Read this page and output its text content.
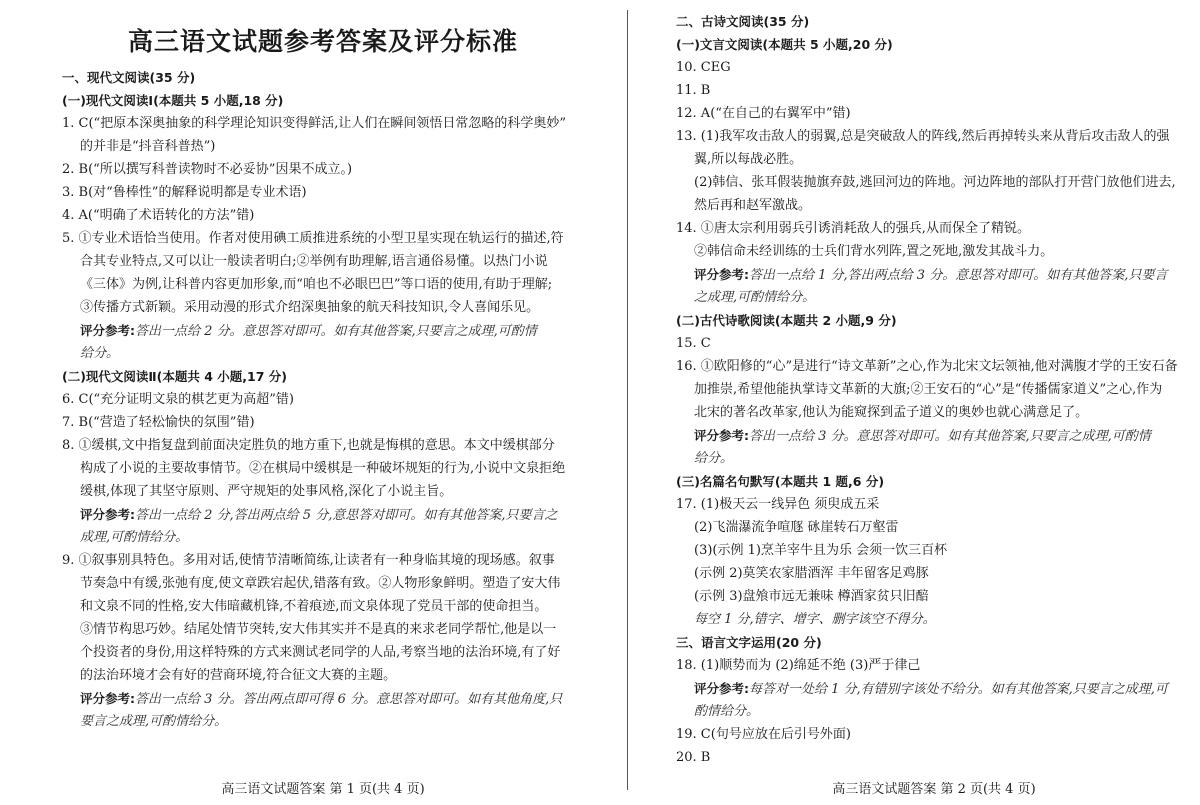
高三语文试题参考答案及评分标准
一、现代文阅读(35 分)
(一)现代文阅读Ⅰ(本题共 5 小题,18 分)
1. C(“把原本深奥抽象的科学理论知识变得鲜活,让人们在瞬间领悟日常忽略的科学奥妙”
的并非是“抖音科普热”)
2. B(“所以撰写科普读物时不必妥协”因果不成立。)
3. B(对“鲁棒性”的解释说明都是专业术语)
4. A(“明确了术语转化的方法”错)
5. ①专业术语恰当使用。作者对使用碘工质推进系统的小型卫星实现在轨运行的描述,符
合其专业特点,又可以让一般读者明白;②举例有助理解,语言通俗易懂。以热门小说
《三体》为例,让科普内容更加形象,而“咱也不必眼巴巴”等口语的使用,有助于理解;
③传播方式新颖。采用动漫的形式介绍深奥抽象的航天科技知识,令人喜闻乐见。
评分参考:答出一点给 2 分。意思答对即可。如有其他答案,只要言之成理,可酌情
给分。
(二)现代文阅读Ⅱ(本题共 4 小题,17 分)
6. C(“充分证明文泉的棋艺更为高超”错)
7. B(“营造了轻松愉快的氛围”错)
8. ①缓棋,文中指复盘到前面决定胜负的地方重下,也就是悔棋的意思。本文中缓棋部分
构成了小说的主要故事情节。②在棋局中缓棋是一种破坏规矩的行为,小说中文泉拒绝
缓棋,体现了其坚守原则、严守规矩的处事风格,深化了小说主旨。
评分参考:答出一点给 2 分,答出两点给 5 分,意思答对即可。如有其他答案,只要言之
成理,可酌情给分。
9. ①叙事别具特色。多用对话,使情节清晰简练,让读者有一种身临其境的现场感。叙事
节奏急中有缓,张弛有度,使文章跌宕起伏,错落有致。②人物形象鲜明。塑造了安大伟
和文泉不同的性格,安大伟暗藏机锋,不着痕迹,而文泉体现了党员干部的使命担当。
③情节构思巧妙。结尾处情节突转,安大伟其实并不是真的来求老同学帮忙,他是以一
个投资者的身份,用这样特殊的方式来测试老同学的人品,考察当地的法治环境,有了好
的法治环境才会有好的营商环境,符合征文大赛的主题。
评分参考:答出一点给 3 分。答出两点即可得 6 分。意思答对即可。如有其他角度,只
要言之成理,可酌情给分。
高三语文试题答案 第 1 页(共 4 页)
二、古诗文阅读(35 分)
(一)文言文阅读(本题共 5 小题,20 分)
10. CEG
11. B
12. A(“在自己的右翼军中”错)
13. (1)我军攻击敌人的弱翼,总是突破敌人的阵线,然后再掉转头来从背后攻击敌人的强
翼,所以每战必胜。
(2)韩信、张耳假装抛旗弃鼓,逃回河边的阵地。河边阵地的部队打开营门放他们进去,
然后再和赵军激战。
14. ①唐太宗利用弱兵引诱消耗敌人的强兵,从而保全了精锐。
②韩信命未经训练的士兵们背水列阵,置之死地,激发其战斗力。
评分参考:答出一点给 1 分,答出两点给 3 分。意思答对即可。如有其他答案,只要言
之成理,可酌情给分。
(二)古代诗歌阅读(本题共 2 小题,9 分)
15. C
16. ①欧阳修的“心”是进行“诗文革新”之心,作为北宋文坛领袖,他对满腹才学的王安石备
加推崇,希望他能执掌诗文革新的大旗;②王安石的“心”是“传播儒家道义”之心,作为
北宋的著名改革家,他认为能窥探到孟子道义的奥妙也就心满意足了。
评分参考:答出一点给 3 分。意思答对即可。如有其他答案,只要言之成理,可酌情
给分。
(三)名篇名句默写(本题共 1 题,6 分)
17. (1)极天云一线异色 须臾成五采
(2)飞湍瀑流争喧豗 砯崖转石万壑雷
(3)(示例 1)烹羊宰牛且为乐 会须一饮三百杯
(示例 2)莫笑农家腊酒浑 丰年留客足鸡豚
(示例 3)盘飧市远无兼味 樽酒家贫只旧醅
每空 1 分,错字、增字、删字该空不得分。
三、语言文字运用(20 分)
18. (1)顺势而为 (2)绵延不绝 (3)严于律己
评分参考:每答对一处给 1 分,有错别字该处不给分。如有其他答案,只要言之成理,可
酌情给分。
19. C(句号应放在后引号外面)
20. B
高三语文试题答案 第 2 页(共 4 页)
